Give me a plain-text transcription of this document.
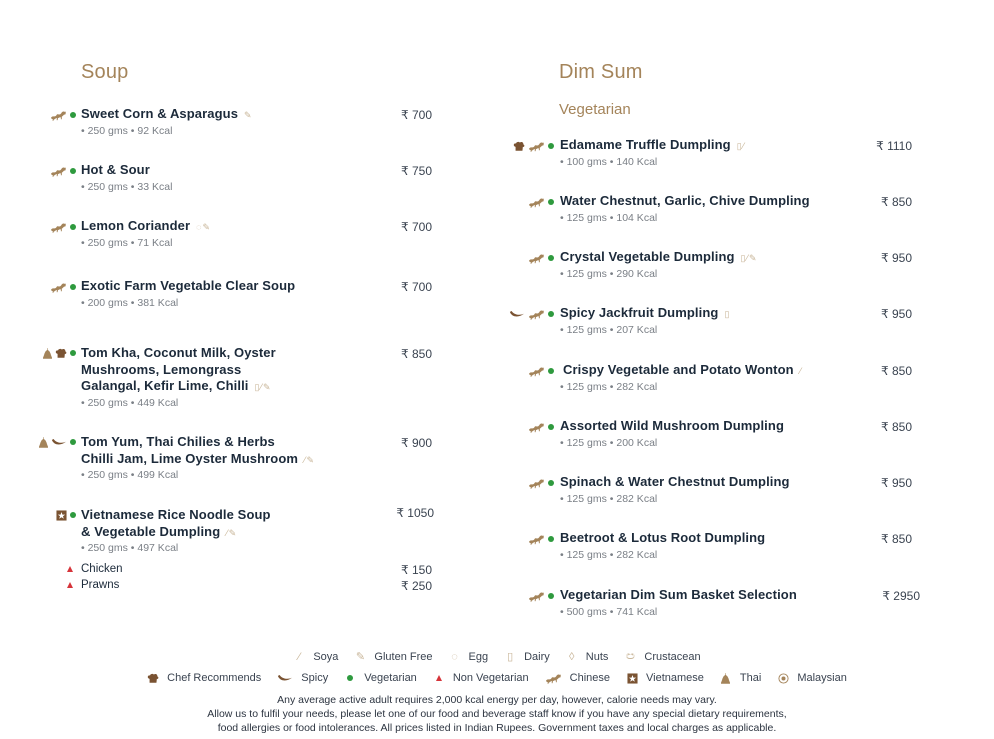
Soup
Sweet Corn & Asparagus ✎
• 250 gms • 92 Kcal
₹ 700
Hot & Sour
• 250 gms • 33 Kcal
₹ 750
Lemon Coriander ◌✎
• 250 gms • 71 Kcal
₹ 700
Exotic Farm Vegetable Clear Soup
• 200 gms • 381 Kcal
₹ 700
Tom Kha, Coconut Milk, Oyster
Mushrooms, Lemongrass
Galangal, Kefir Lime, Chilli ▯⁄✎
• 250 gms • 449 Kcal
₹ 850
Tom Yum, Thai Chilies & Herbs
Chilli Jam, Lime Oyster Mushroom ⁄✎
• 250 gms • 499 Kcal
₹ 900
Vietnamese Rice Noodle Soup
& Vegetable Dumpling ⁄✎
• 250 gms • 497 Kcal
₹ 1050
Chicken	₹ 150
Prawns	₹ 250
Dim Sum
Vegetarian
Edamame Truffle Dumpling ▯⁄
• 100 gms • 140 Kcal
₹ 1110
Water Chestnut, Garlic, Chive Dumpling
• 125 gms • 104 Kcal
₹ 850
Crystal Vegetable Dumpling ▯⁄✎
• 125 gms • 290 Kcal
₹ 950
Spicy Jackfruit Dumpling ▯
• 125 gms • 207 Kcal
₹ 950
Crispy Vegetable and Potato Wonton ⁄
• 125 gms • 282 Kcal
₹ 850
Assorted Wild Mushroom Dumpling
• 125 gms • 200 Kcal
₹ 850
Spinach & Water Chestnut Dumpling
• 125 gms • 282 Kcal
₹ 950
Beetroot & Lotus Root Dumpling
• 125 gms • 282 Kcal
₹ 850
Vegetarian Dim Sum Basket Selection
• 500 gms • 741 Kcal
₹ 2950
⁄	Soya ✎ Gluten Free ◌ Egg ▯ Dairy ◊ Nuts ඏ Crustacean
Chef Recommends	Spicy	Vegetarian	Non Vegetarian	Chinese	Vietnamese	Thai	Malaysian
Any average active adult requires 2,000 kcal energy per day, however, calorie needs may vary.
Allow us to fulfil your needs, please let one of our food and beverage staff know if you have any special dietary requirements,
food allergies or food intolerances. All prices listed in Indian Rupees. Government taxes and local charges as applicable.
